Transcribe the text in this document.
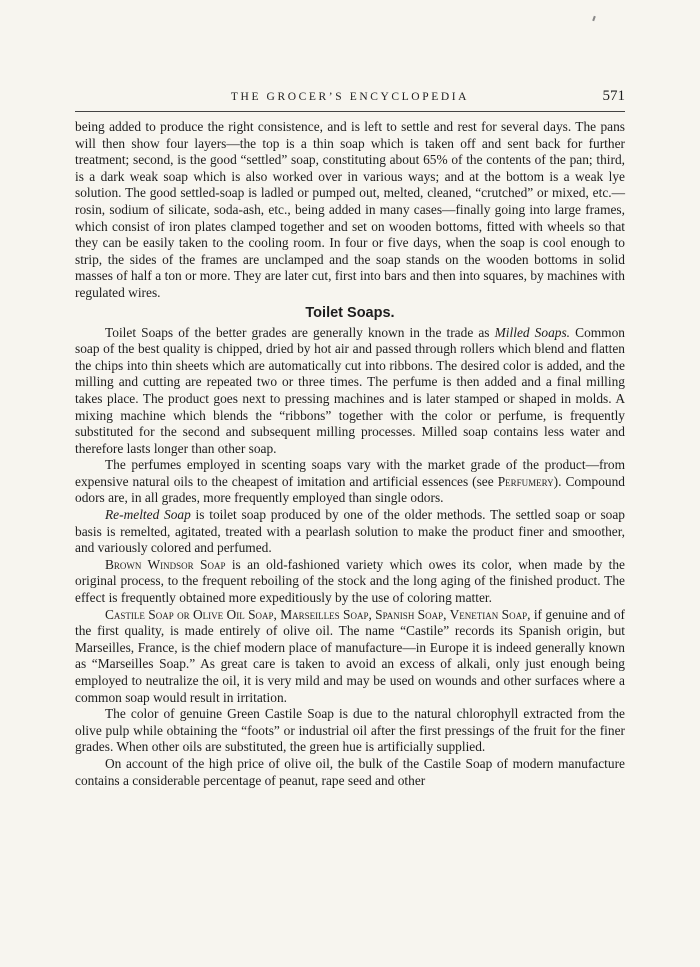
THE GROCER’S ENCYCLOPEDIA	571

being added to produce the right consistence, and is left to settle and rest for several days. The pans will then show four layers—the top is a thin soap which is taken off and sent back for further treatment; second, is the good “settled” soap, constituting about 65% of the contents of the pan; third, is a dark weak soap which is also worked over in various ways; and at the bottom is a weak lye solution. The good settled-soap is ladled or pumped out, melted, cleaned, “crutched” or mixed, etc.—rosin, sodium of silicate, soda-ash, etc., being added in many cases—finally going into large frames, which consist of iron plates clamped together and set on wooden bottoms, fitted with wheels so that they can be easily taken to the cooling room. In four or five days, when the soap is cool enough to strip, the sides of the frames are unclamped and the soap stands on the wooden bottoms in solid masses of half a ton or more. They are later cut, first into bars and then into squares, by machines with regulated wires.

Toilet Soaps.

Toilet Soaps of the better grades are generally known in the trade as Milled Soaps. Common soap of the best quality is chipped, dried by hot air and passed through rollers which blend and flatten the chips into thin sheets which are automatically cut into ribbons. The desired color is added, and the milling and cutting are repeated two or three times. The perfume is then added and a final milling takes place. The product goes next to pressing machines and is later stamped or shaped in molds. A mixing machine which blends the “ribbons” together with the color or perfume, is frequently substituted for the second and subsequent milling processes. Milled soap contains less water and therefore lasts longer than other soap.

The perfumes employed in scenting soaps vary with the market grade of the product—from expensive natural oils to the cheapest of imitation and artificial essences (see Perfumery). Compound odors are, in all grades, more frequently employed than single odors.

Re-melted Soap is toilet soap produced by one of the older methods. The settled soap or soap basis is remelted, agitated, treated with a pearlash solution to make the product finer and smoother, and variously colored and perfumed.

Brown Windsor Soap is an old-fashioned variety which owes its color, when made by the original process, to the frequent reboiling of the stock and the long aging of the finished product. The effect is frequently obtained more expeditiously by the use of coloring matter.

Castile Soap or Olive Oil Soap, Marseilles Soap, Spanish Soap, Venetian Soap, if genuine and of the first quality, is made entirely of olive oil. The name “Castile” records its Spanish origin, but Marseilles, France, is the chief modern place of manufacture—in Europe it is indeed generally known as “Marseilles Soap.” As great care is taken to avoid an excess of alkali, only just enough being employed to neutralize the oil, it is very mild and may be used on wounds and other surfaces where a common soap would result in irritation.

The color of genuine Green Castile Soap is due to the natural chlorophyll extracted from the olive pulp while obtaining the “foots” or industrial oil after the first pressings of the fruit for the finer grades. When other oils are substituted, the green hue is artificially supplied.

On account of the high price of olive oil, the bulk of the Castile Soap of modern manufacture contains a considerable percentage of peanut, rape seed and other
